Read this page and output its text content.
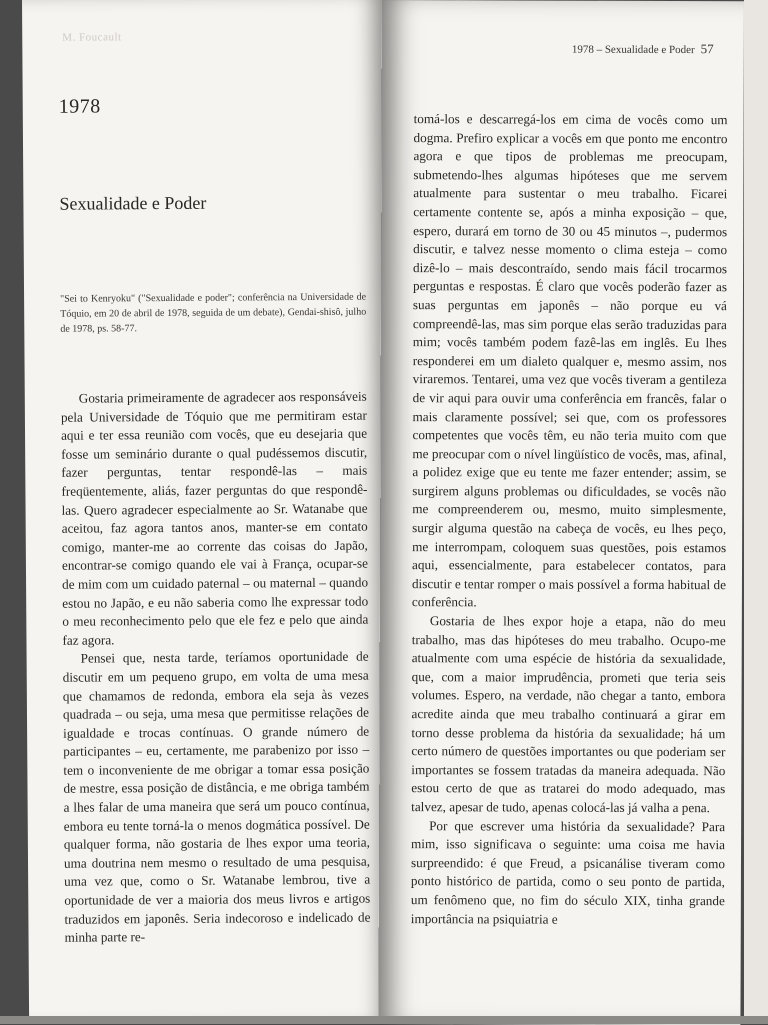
M. Foucault
1978
Sexualidade e Poder
"Sei to Kenryoku" ("Sexualidade e poder"; conferência na Universidade de Tóquio, em 20 de abril de 1978, seguida de um debate), Gendai-shisô, julho de 1978, ps. 58-77.

Gostaria primeiramente de agradecer aos responsáveis pela Universidade de Tóquio que me permitiram estar aqui e ter essa reunião com vocês, que eu desejaria que fosse um seminário durante o qual pudéssemos discutir, fazer perguntas, tentar respondê-las – mais freqüentemente, aliás, fazer perguntas do que respondê-las. Quero agradecer especialmente ao Sr. Watanabe que aceitou, faz agora tantos anos, manter-se em contato comigo, manter-me ao corrente das coisas do Japão, encontrar-se comigo quando ele vai à França, ocupar-se de mim com um cuidado paternal – ou maternal – quando estou no Japão, e eu não saberia como lhe expressar todo o meu reconhecimento pelo que ele fez e pelo que ainda faz agora.

Pensei que, nesta tarde, teríamos oportunidade de discutir em um pequeno grupo, em volta de uma mesa que chamamos de redonda, embora ela seja às vezes quadrada – ou seja, uma mesa que permitisse relações de igualdade e trocas contínuas. O grande número de participantes – eu, certamente, me parabenizo por isso – tem o inconveniente de me obrigar a tomar essa posição de mestre, essa posição de distância, e me obriga também a lhes falar de uma maneira que será um pouco contínua, embora eu tente torná-la o menos dogmática possível. De qualquer forma, não gostaria de lhes expor uma teoria, uma doutrina nem mesmo o resultado de uma pesquisa, uma vez que, como o Sr. Watanabe lembrou, tive a oportunidade de ver a maioria dos meus livros e artigos traduzidos em japonês. Seria indecoroso e indelicado de minha parte re-

1978 – Sexualidade e Poder 57

tomá-los e descarregá-los em cima de vocês como um dogma. Prefiro explicar a vocês em que ponto me encontro agora e que tipos de problemas me preocupam, submetendo-lhes algumas hipóteses que me servem atualmente para sustentar o meu trabalho. Ficarei certamente contente se, após a minha exposição – que, espero, durará em torno de 30 ou 45 minutos –, pudermos discutir, e talvez nesse momento o clima esteja – como dizê-lo – mais descontraído, sendo mais fácil trocarmos perguntas e respostas. É claro que vocês poderão fazer as suas perguntas em japonês – não porque eu vá compreendê-las, mas sim porque elas serão traduzidas para mim; vocês também podem fazê-las em inglês. Eu lhes responderei em um dialeto qualquer e, mesmo assim, nos viraremos. Tentarei, uma vez que vocês tiveram a gentileza de vir aqui para ouvir uma conferência em francês, falar o mais claramente possível; sei que, com os professores competentes que vocês têm, eu não teria muito com que me preocupar com o nível lingüístico de vocês, mas, afinal, a polidez exige que eu tente me fazer entender; assim, se surgirem alguns problemas ou dificuldades, se vocês não me compreenderem ou, mesmo, muito simplesmente, surgir alguma questão na cabeça de vocês, eu lhes peço, me interrompam, coloquem suas questões, pois estamos aqui, essencialmente, para estabelecer contatos, para discutir e tentar romper o mais possível a forma habitual de conferência.

Gostaria de lhes expor hoje a etapa, não do meu trabalho, mas das hipóteses do meu trabalho. Ocupo-me atualmente com uma espécie de história da sexualidade, que, com a maior imprudência, prometi que teria seis volumes. Espero, na verdade, não chegar a tanto, embora acredite ainda que meu trabalho continuará a girar em torno desse problema da história da sexualidade; há um certo número de questões importantes ou que poderiam ser importantes se fossem tratadas da maneira adequada. Não estou certo de que as tratarei do modo adequado, mas talvez, apesar de tudo, apenas colocá-las já valha a pena.

Por que escrever uma história da sexualidade? Para mim, isso significava o seguinte: uma coisa me havia surpreendido: é que Freud, a psicanálise tiveram como ponto histórico de partida, como o seu ponto de partida, um fenômeno que, no fim do século XIX, tinha grande importância na psiquiatria e
